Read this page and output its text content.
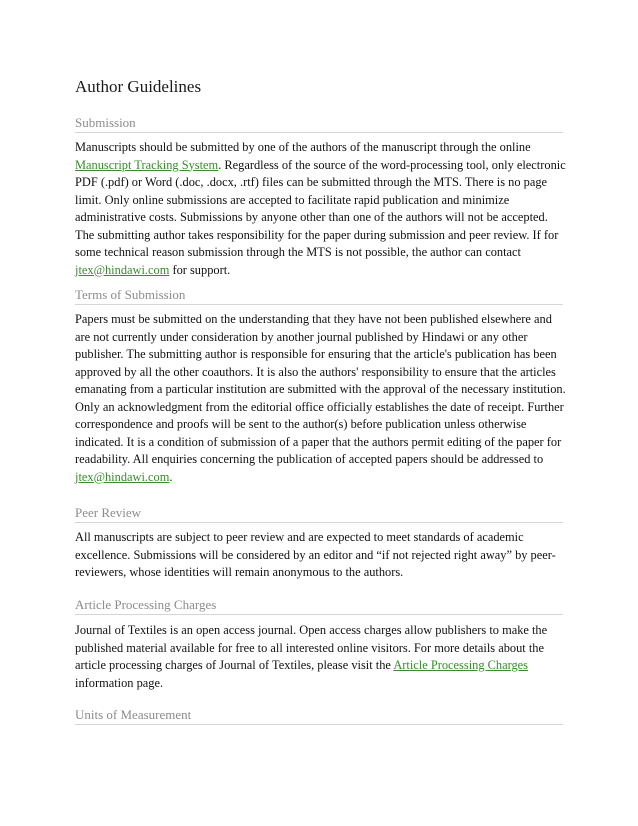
Author Guidelines
Submission

Manuscripts should be submitted by one of the authors of the manuscript through the online Manuscript Tracking System. Regardless of the source of the word-processing tool, only electronic PDF (.pdf) or Word (.doc, .docx, .rtf) files can be submitted through the MTS. There is no page limit. Only online submissions are accepted to facilitate rapid publication and minimize administrative costs. Submissions by anyone other than one of the authors will not be accepted. The submitting author takes responsibility for the paper during submission and peer review. If for some technical reason submission through the MTS is not possible, the author can contact jtex@hindawi.com for support.

Terms of Submission

Papers must be submitted on the understanding that they have not been published elsewhere and are not currently under consideration by another journal published by Hindawi or any other publisher. The submitting author is responsible for ensuring that the article's publication has been approved by all the other coauthors. It is also the authors' responsibility to ensure that the articles emanating from a particular institution are submitted with the approval of the necessary institution. Only an acknowledgment from the editorial office officially establishes the date of receipt. Further correspondence and proofs will be sent to the author(s) before publication unless otherwise indicated. It is a condition of submission of a paper that the authors permit editing of the paper for readability. All enquiries concerning the publication of accepted papers should be addressed to jtex@hindawi.com.

Peer Review

All manuscripts are subject to peer review and are expected to meet standards of academic excellence. Submissions will be considered by an editor and “if not rejected right away” by peer-reviewers, whose identities will remain anonymous to the authors.

Article Processing Charges

Journal of Textiles is an open access journal. Open access charges allow publishers to make the published material available for free to all interested online visitors. For more details about the article processing charges of Journal of Textiles, please visit the Article Processing Charges information page.

Units of Measurement
